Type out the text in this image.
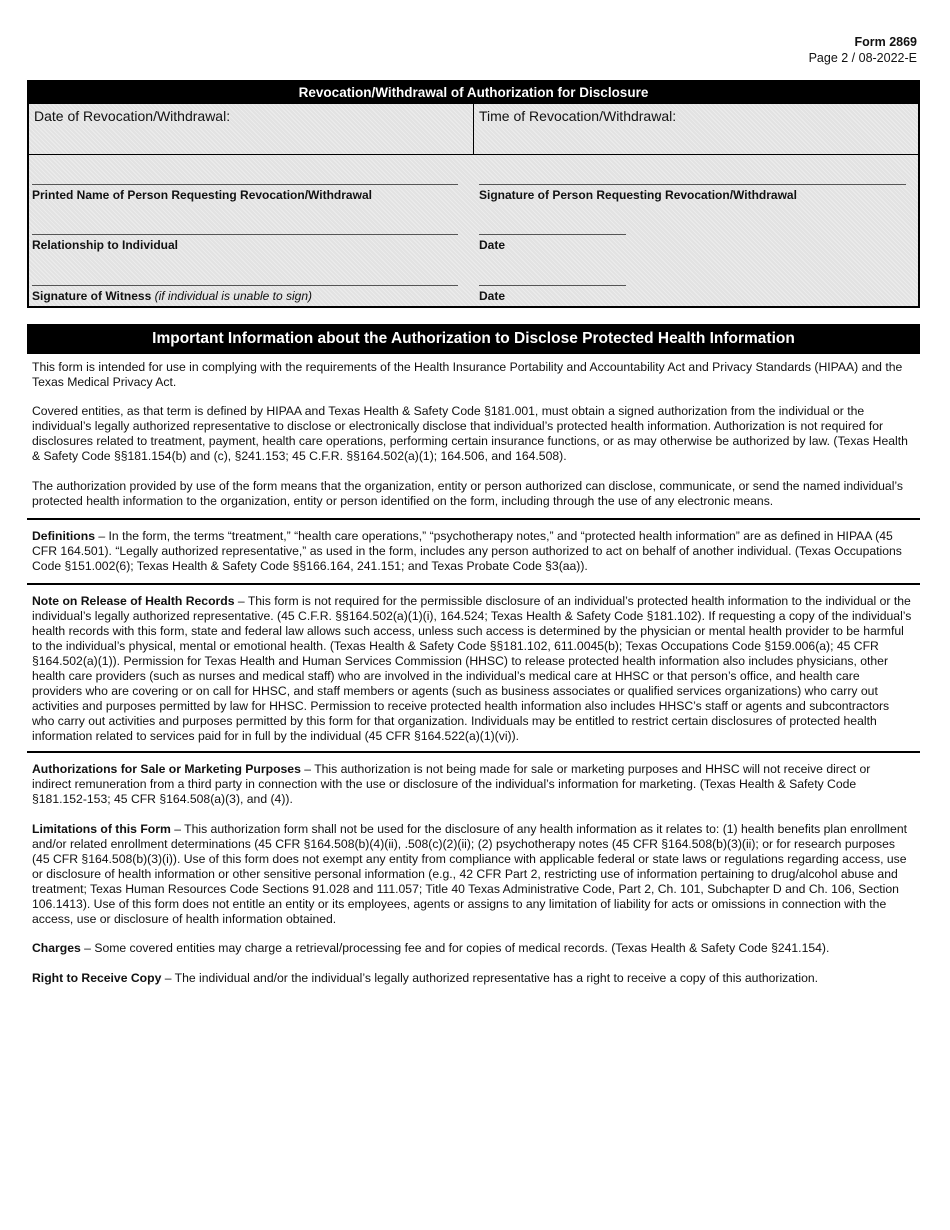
Form 2869
Page 2 / 08-2022-E
Revocation/Withdrawal of Authorization for Disclosure
Date of Revocation/Withdrawal:	Time of Revocation/Withdrawal:
Printed Name of Person Requesting Revocation/Withdrawal	Signature of Person Requesting Revocation/Withdrawal
Relationship to Individual	Date
Signature of Witness (if individual is unable to sign)	Date
Important Information about the Authorization to Disclose Protected Health Information
This form is intended for use in complying with the requirements of the Health Insurance Portability and Accountability Act and Privacy Standards (HIPAA) and the Texas Medical Privacy Act.
Covered entities, as that term is defined by HIPAA and Texas Health & Safety Code §181.001, must obtain a signed authorization from the individual or the individual’s legally authorized representative to disclose or electronically disclose that individual’s protected health information. Authorization is not required for disclosures related to treatment, payment, health care operations, performing certain insurance functions, or as may otherwise be authorized by law. (Texas Health & Safety Code §§181.154(b) and (c), §241.153; 45 C.F.R. §§164.502(a)(1); 164.506, and 164.508).
The authorization provided by use of the form means that the organization, entity or person authorized can disclose, communicate, or send the named individual’s protected health information to the organization, entity or person identified on the form, including through the use of any electronic means.
Definitions – In the form, the terms “treatment,” “health care operations,” “psychotherapy notes,” and “protected health information” are as defined in HIPAA (45 CFR 164.501). “Legally authorized representative,” as used in the form, includes any person authorized to act on behalf of another individual. (Texas Occupations Code §151.002(6); Texas Health & Safety Code §§166.164, 241.151; and Texas Probate Code §3(aa)).
Note on Release of Health Records – This form is not required for the permissible disclosure of an individual’s protected health information to the individual or the individual’s legally authorized representative. (45 C.F.R. §§164.502(a)(1)(i), 164.524; Texas Health & Safety Code §181.102). If requesting a copy of the individual’s health records with this form, state and federal law allows such access, unless such access is determined by the physician or mental health provider to be harmful to the individual’s physical, mental or emotional health. (Texas Health & Safety Code §§181.102, 611.0045(b); Texas Occupations Code §159.006(a); 45 CFR §164.502(a)(1)). Permission for Texas Health and Human Services Commission (HHSC) to release protected health information also includes physicians, other health care providers (such as nurses and medical staff) who are involved in the individual’s medical care at HHSC or that person’s office, and health care providers who are covering or on call for HHSC, and staff members or agents (such as business associates or qualified services organizations) who carry out activities and purposes permitted by law for HHSC. Permission to receive protected health information also includes HHSC’s staff or agents and subcontractors who carry out activities and purposes permitted by this form for that organization. Individuals may be entitled to restrict certain disclosures of protected health information related to services paid for in full by the individual (45 CFR §164.522(a)(1)(vi)).
Authorizations for Sale or Marketing Purposes – This authorization is not being made for sale or marketing purposes and HHSC will not receive direct or indirect remuneration from a third party in connection with the use or disclosure of the individual’s information for marketing. (Texas Health & Safety Code §181.152-153; 45 CFR §164.508(a)(3), and (4)).
Limitations of this Form – This authorization form shall not be used for the disclosure of any health information as it relates to: (1) health benefits plan enrollment and/or related enrollment determinations (45 CFR §164.508(b)(4)(ii), .508(c)(2)(ii); (2) psychotherapy notes (45 CFR §164.508(b)(3)(ii); or for research purposes (45 CFR §164.508(b)(3)(i)). Use of this form does not exempt any entity from compliance with applicable federal or state laws or regulations regarding access, use or disclosure of health information or other sensitive personal information (e.g., 42 CFR Part 2, restricting use of information pertaining to drug/alcohol abuse and treatment; Texas Human Resources Code Sections 91.028 and 111.057; Title 40 Texas Administrative Code, Part 2, Ch. 101, Subchapter D and Ch. 106, Section 106.1413). Use of this form does not entitle an entity or its employees, agents or assigns to any limitation of liability for acts or omissions in connection with the access, use or disclosure of health information obtained.
Charges – Some covered entities may charge a retrieval/processing fee and for copies of medical records. (Texas Health & Safety Code §241.154).
Right to Receive Copy – The individual and/or the individual’s legally authorized representative has a right to receive a copy of this authorization.
